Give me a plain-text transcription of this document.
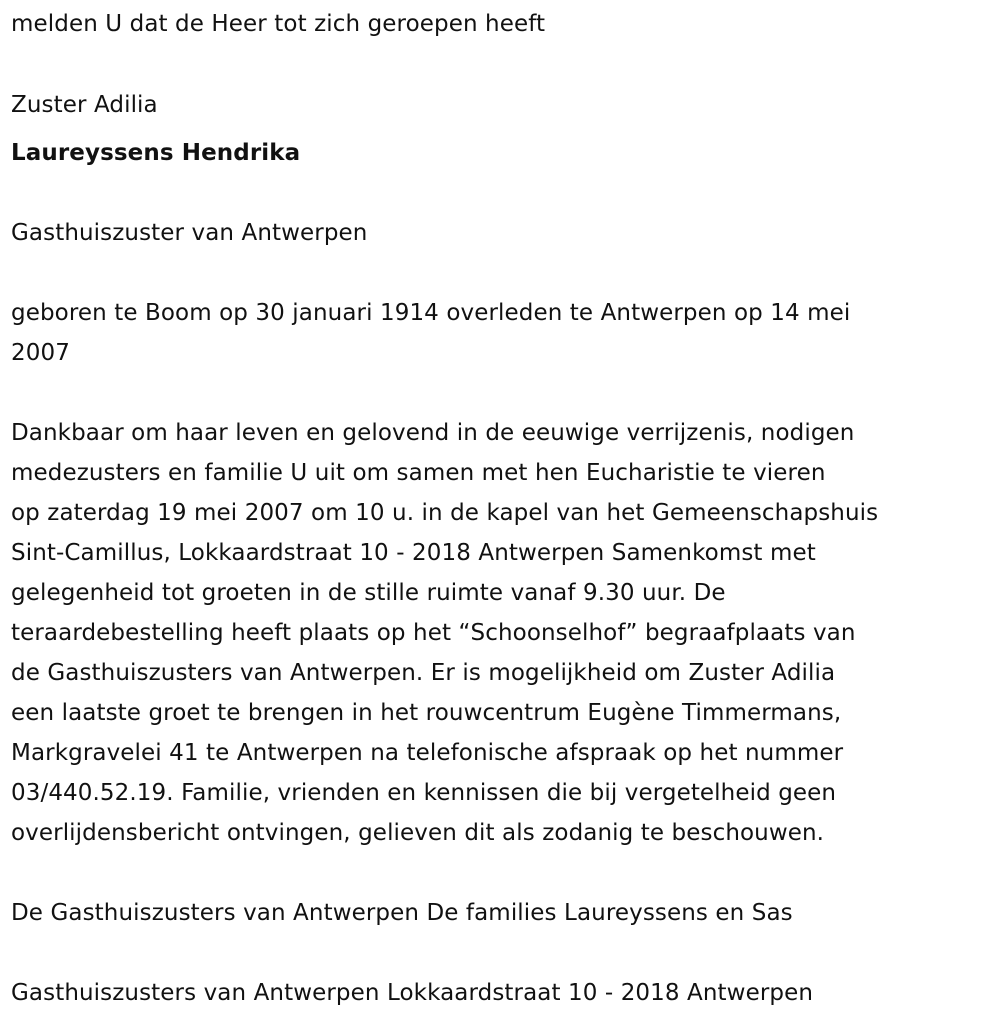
melden U dat de Heer tot zich geroepen heeft

Zuster Adilia

Laureyssens Hendrika

Gasthuiszuster van Antwerpen

geboren te Boom op 30 januari 1914 overleden te Antwerpen op 14 mei
2007
Dankbaar om haar leven en gelovend in de eeuwige verrijzenis, nodigen
medezusters en familie U uit om samen met hen Eucharistie te vieren
op zaterdag 19 mei 2007 om 10 u. in de kapel van het Gemeenschapshuis
Sint-Camillus, Lokkaardstraat 10 - 2018 Antwerpen Samenkomst met
gelegenheid tot groeten in de stille ruimte vanaf 9.30 uur. De
teraardebestelling heeft plaats op het “Schoonselhof” begraafplaats van
de Gasthuiszusters van Antwerpen. Er is mogelijkheid om Zuster Adilia
een laatste groet te brengen in het rouwcentrum Eugène Timmermans,
Markgravelei 41 te Antwerpen na telefonische afspraak op het nummer
03/440.52.19. Familie, vrienden en kennissen die bij vergetelheid geen
overlijdensbericht ontvingen, gelieven dit als zodanig te beschouwen.

De Gasthuiszusters van Antwerpen De families Laureyssens en Sas

Gasthuiszusters van Antwerpen Lokkaardstraat 10 - 2018 Antwerpen
